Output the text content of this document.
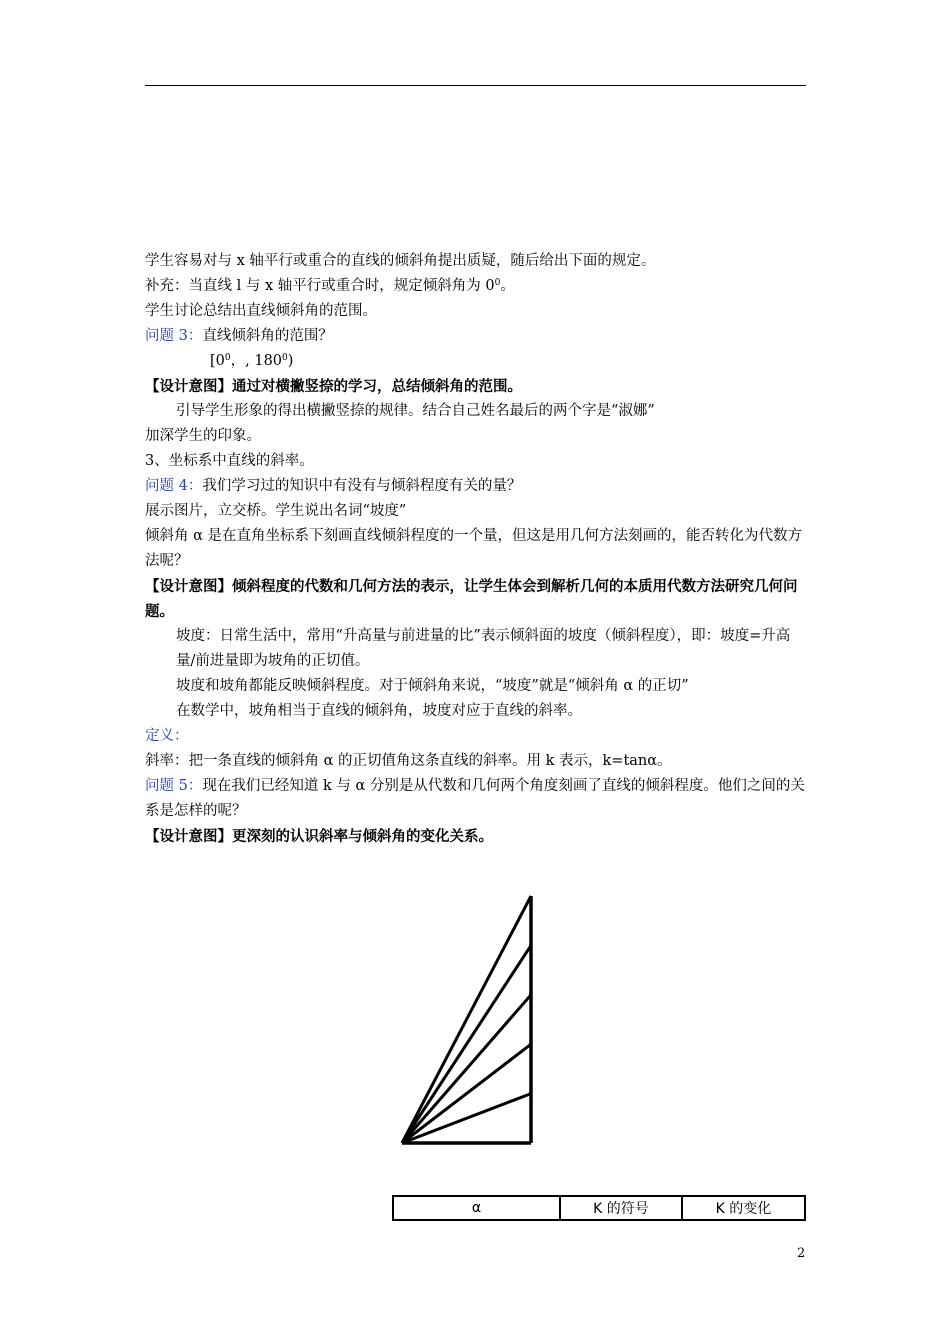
学生容易对与 x 轴平行或重合的直线的倾斜角提出质疑，随后给出下面的规定。
补充：当直线 l 与 x 轴平行或重合时，规定倾斜角为 $0^0$。
学生讨论总结出直线倾斜角的范围。
问题 3：直线倾斜角的范围？
[$0^0$，, $180^0$)
【设计意图】通过对横撇竖捺的学习，总结倾斜角的范围。
引导学生形象的得出横撇竖捺的规律。结合自己姓名最后的两个字是“淑娜”
加深学生的印象。
3、坐标系中直线的斜率。
问题 4：我们学习过的知识中有没有与倾斜程度有关的量？
展示图片，立交桥。学生说出名词“坡度”
倾斜角 α 是在直角坐标系下刻画直线倾斜程度的一个量，但这是用几何方法刻画的，能否转化为代数方法呢？
【设计意图】倾斜程度的代数和几何方法的表示，让学生体会到解析几何的本质用代数方法研究几何问题。
坡度：日常生活中，常用“升高量与前进量的比”表示倾斜面的坡度（倾斜程度），即：坡度=升高量/前进量即为坡角的正切值。
坡度和坡角都能反映倾斜程度。对于倾斜角来说，“坡度”就是“倾斜角 α 的正切”
在数学中，坡角相当于直线的倾斜角，坡度对应于直线的斜率。
定义：
斜率：把一条直线的倾斜角 α 的正切值角这条直线的斜率。用 k 表示，k=tanα。
问题 5：现在我们已经知道 k 与 α 分别是从代数和几何两个角度刻画了直线的倾斜程度。他们之间的关系是怎样的呢？
【设计意图】更深刻的认识斜率与倾斜角的变化关系。
α	K 的符号	K 的变化
2
